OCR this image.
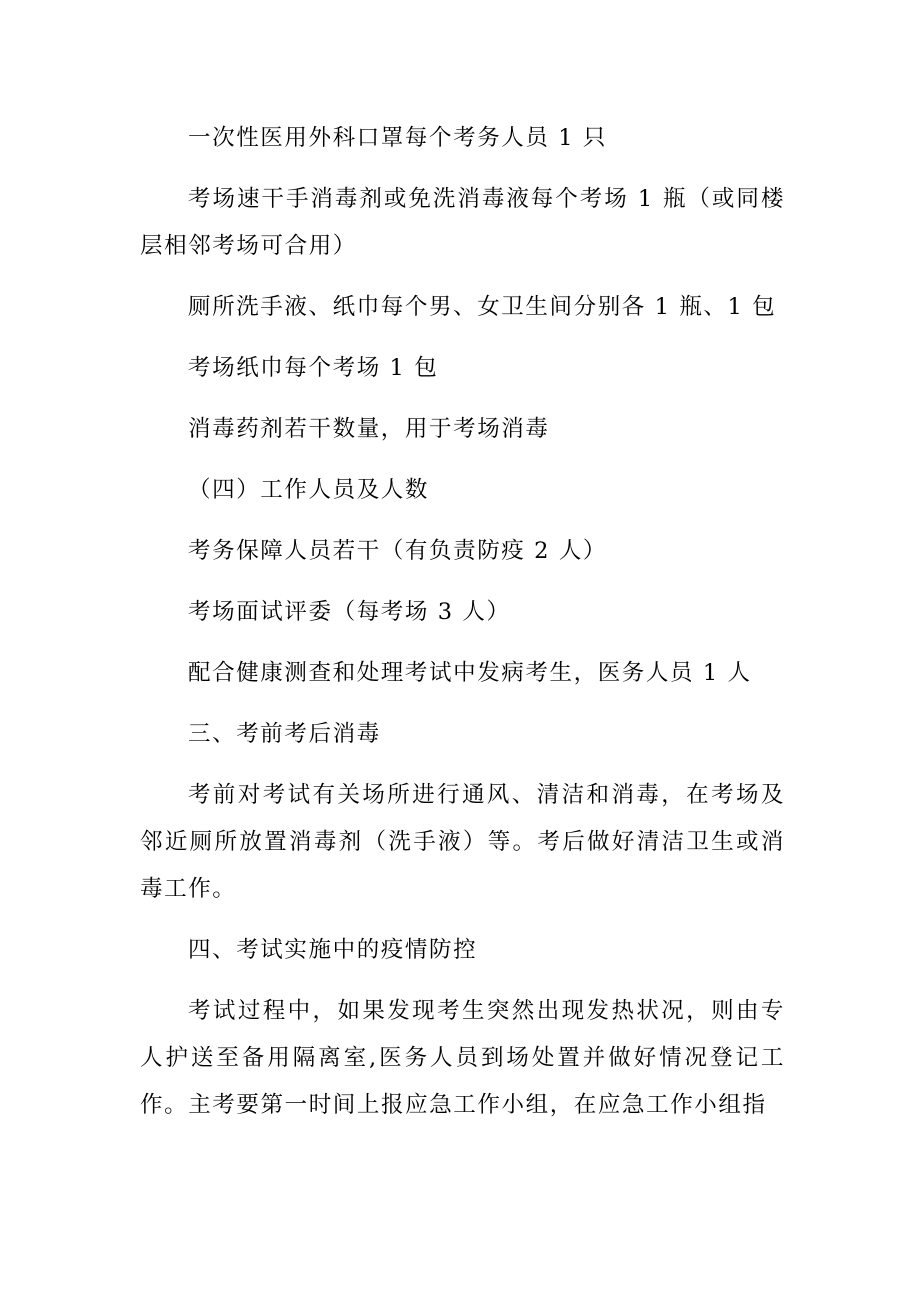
一次性医用外科口罩每个考务人员 1 只

考场速干手消毒剂或免洗消毒液每个考场 1 瓶（或同楼层相邻考场可合用）

厕所洗手液、纸巾每个男、女卫生间分别各 1 瓶、1 包

考场纸巾每个考场 1 包

消毒药剂若干数量，用于考场消毒

（四）工作人员及人数

考务保障人员若干（有负责防疫 2 人）

考场面试评委（每考场 3 人）

配合健康测查和处理考试中发病考生，医务人员 1 人

三、考前考后消毒

考前对考试有关场所进行通风、清洁和消毒，在考场及邻近厕所放置消毒剂（洗手液）等。考后做好清洁卫生或消毒工作。

四、考试实施中的疫情防控

考试过程中，如果发现考生突然出现发热状况，则由专人护送至备用隔离室,医务人员到场处置并做好情况登记工作。主考要第一时间上报应急工作小组，在应急工作小组指
